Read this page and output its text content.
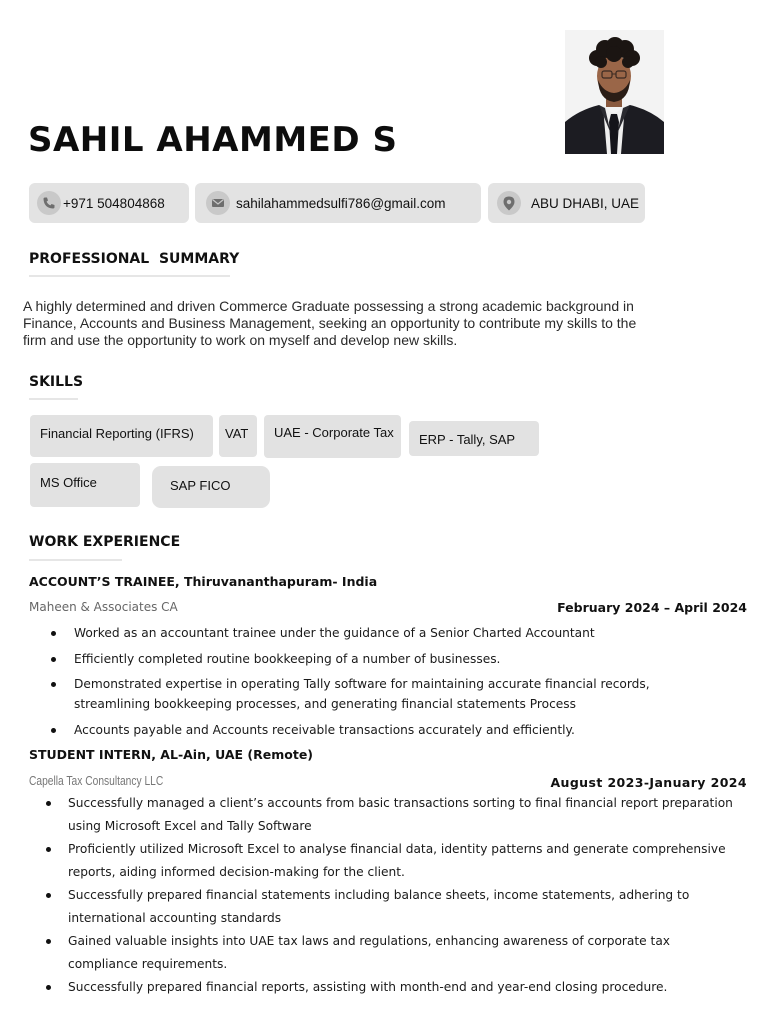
SAHIL AHAMMED S
+971 504804868	sahilahammedsulfi786@gmail.com	ABU DHABI, UAE
PROFESSIONAL  SUMMARY
A highly determined and driven Commerce Graduate possessing a strong academic background in Finance, Accounts and Business Management, seeking an opportunity to contribute my skills to the firm and use the opportunity to work on myself and develop new skills.
SKILLS
Financial Reporting (IFRS)	VAT	UAE - Corporate Tax	ERP - Tally, SAP
MS Office	SAP FICO
WORK EXPERIENCE
ACCOUNT’S TRAINEE, Thiruvananthapuram- India
Maheen & Associates CA	February 2024 – April 2024
Worked as an accountant trainee under the guidance of a Senior Charted Accountant
Efficiently completed routine bookkeeping of a number of businesses.
Demonstrated expertise in operating Tally software for maintaining accurate financial records, streamlining bookkeeping processes, and generating financial statements Process
Accounts payable and Accounts receivable transactions accurately and efficiently.
STUDENT INTERN, AL-Ain, UAE (Remote)
Capella Tax Consultancy LLC	August 2023-January 2024
Successfully managed a client’s accounts from basic transactions sorting to final financial report preparation using Microsoft Excel and Tally Software
Proficiently utilized Microsoft Excel to analyse financial data, identity patterns and generate comprehensive reports, aiding informed decision-making for the client.
Successfully prepared financial statements including balance sheets, income statements, adhering to international accounting standards
Gained valuable insights into UAE tax laws and regulations, enhancing awareness of corporate tax compliance requirements.
Successfully prepared financial reports, assisting with month-end and year-end closing procedure.
